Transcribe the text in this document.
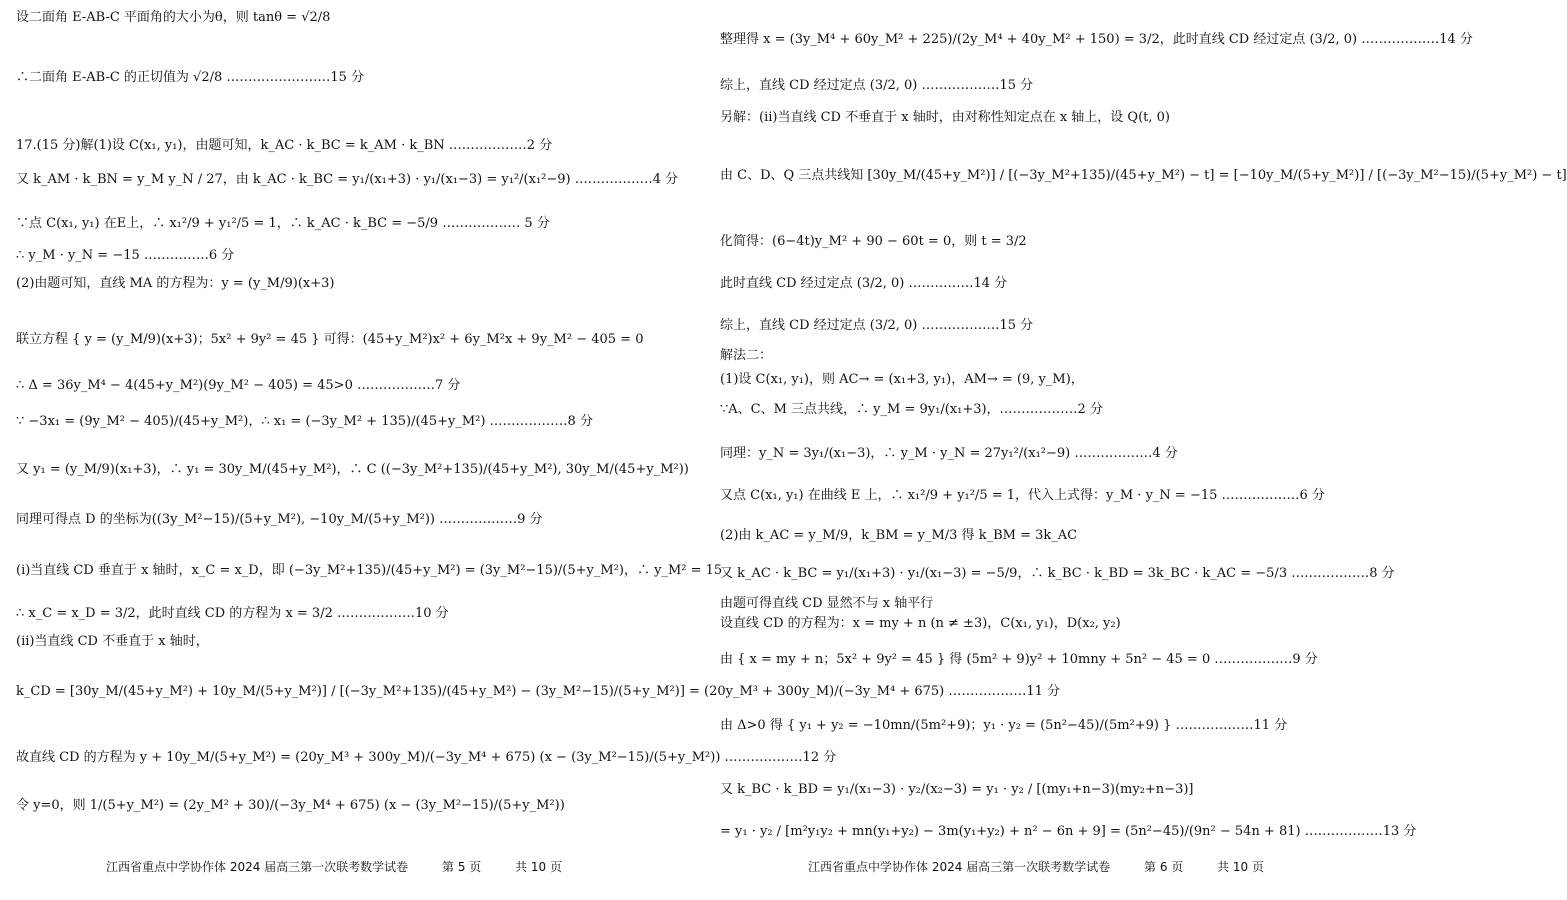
设二面角 E-AB-C 平面角的大小为θ，则 tanθ = √2/8
∴二面角 E-AB-C 的正切值为 √2/8 ……………………15 分
17.(15 分)解(1)设 C(x₁, y₁)，由题可知，k_AC · k_BC = k_AM · k_BN ………………2 分
又 k_AM · k_BN = y_M y_N / 27，由 k_AC · k_BC = y₁/(x₁+3) · y₁/(x₁−3) = y₁²/(x₁²−9) ………………4 分
∵点 C(x₁, y₁) 在E上，∴ x₁²/9 + y₁²/5 = 1，∴ k_AC · k_BC = −5/9 ……………… 5 分
∴ y_M · y_N = −15 ……………6 分
(2)由题可知，直线 MA 的方程为：y = (y_M/9)(x+3)
联立方程 { y = (y_M/9)(x+3)；5x² + 9y² = 45 } 可得：(45+y_M²)x² + 6y_M²x + 9y_M² − 405 = 0
∴ Δ = 36y_M⁴ − 4(45+y_M²)(9y_M² − 405) = 45>0 ………………7 分
∵ −3x₁ = (9y_M² − 405)/(45+y_M²)，∴ x₁ = (−3y_M² + 135)/(45+y_M²) ………………8 分
又 y₁ = (y_M/9)(x₁+3)，∴ y₁ = 30y_M/(45+y_M²)，∴ C ((−3y_M²+135)/(45+y_M²), 30y_M/(45+y_M²))
同理可得点 D 的坐标为((3y_M²−15)/(5+y_M²), −10y_M/(5+y_M²)) ………………9 分
(i)当直线 CD 垂直于 x 轴时，x_C = x_D，即 (−3y_M²+135)/(45+y_M²) = (3y_M²−15)/(5+y_M²)，∴ y_M² = 15
∴ x_C = x_D = 3/2，此时直线 CD 的方程为 x = 3/2 ………………10 分
(ii)当直线 CD 不垂直于 x 轴时，
k_CD = [30y_M/(45+y_M²) + 10y_M/(5+y_M²)] / [(−3y_M²+135)/(45+y_M²) − (3y_M²−15)/(5+y_M²)] = (20y_M³ + 300y_M)/(−3y_M⁴ + 675) ………………11 分
故直线 CD 的方程为 y + 10y_M/(5+y_M²) = (20y_M³ + 300y_M)/(−3y_M⁴ + 675) (x − (3y_M²−15)/(5+y_M²)) ………………12 分
令 y=0，则 1/(5+y_M²) = (2y_M² + 30)/(−3y_M⁴ + 675) (x − (3y_M²−15)/(5+y_M²))
江西省重点中学协作体 2024 届高三第一次联考数学试卷	第 5 页	共 10 页
整理得 x = (3y_M⁴ + 60y_M² + 225)/(2y_M⁴ + 40y_M² + 150) = 3/2，此时直线 CD 经过定点 (3/2, 0) ………………14 分
综上，直线 CD 经过定点 (3/2, 0) ………………15 分
另解：(ii)当直线 CD 不垂直于 x 轴时，由对称性知定点在 x 轴上，设 Q(t, 0)
由 C、D、Q 三点共线知 [30y_M/(45+y_M²)] / [(−3y_M²+135)/(45+y_M²) − t] = [−10y_M/(5+y_M²)] / [(−3y_M²−15)/(5+y_M²) − t]
化简得：(6−4t)y_M² + 90 − 60t = 0，则 t = 3/2
此时直线 CD 经过定点 (3/2, 0) ……………14 分
综上，直线 CD 经过定点 (3/2, 0) ………………15 分
解法二：
(1)设 C(x₁, y₁)，则 AC→ = (x₁+3, y₁)，AM→ = (9, y_M)，
∵A、C、M 三点共线，∴ y_M = 9y₁/(x₁+3)，………………2 分
同理：y_N = 3y₁/(x₁−3)，∴ y_M · y_N = 27y₁²/(x₁²−9) ………………4 分
又点 C(x₁, y₁) 在曲线 E 上，∴ x₁²/9 + y₁²/5 = 1，代入上式得：y_M · y_N = −15 ………………6 分
(2)由 k_AC = y_M/9，k_BM = y_M/3 得 k_BM = 3k_AC
又 k_AC · k_BC = y₁/(x₁+3) · y₁/(x₁−3) = −5/9，∴ k_BC · k_BD = 3k_BC · k_AC = −5/3 ………………8 分
由题可得直线 CD 显然不与 x 轴平行
设直线 CD 的方程为：x = my + n (n ≠ ±3)，C(x₁, y₁)，D(x₂, y₂)
由 { x = my + n；5x² + 9y² = 45 } 得 (5m² + 9)y² + 10mny + 5n² − 45 = 0 ………………9 分
由 Δ>0 得 { y₁ + y₂ = −10mn/(5m²+9)；y₁ · y₂ = (5n²−45)/(5m²+9) } ………………11 分
又 k_BC · k_BD = y₁/(x₁−3) · y₂/(x₂−3) = y₁ · y₂ / [(my₁+n−3)(my₂+n−3)]
= y₁ · y₂ / [m²y₁y₂ + mn(y₁+y₂) − 3m(y₁+y₂) + n² − 6n + 9] = (5n²−45)/(9n² − 54n + 81) ………………13 分
江西省重点中学协作体 2024 届高三第一次联考数学试卷	第 6 页	共 10 页
